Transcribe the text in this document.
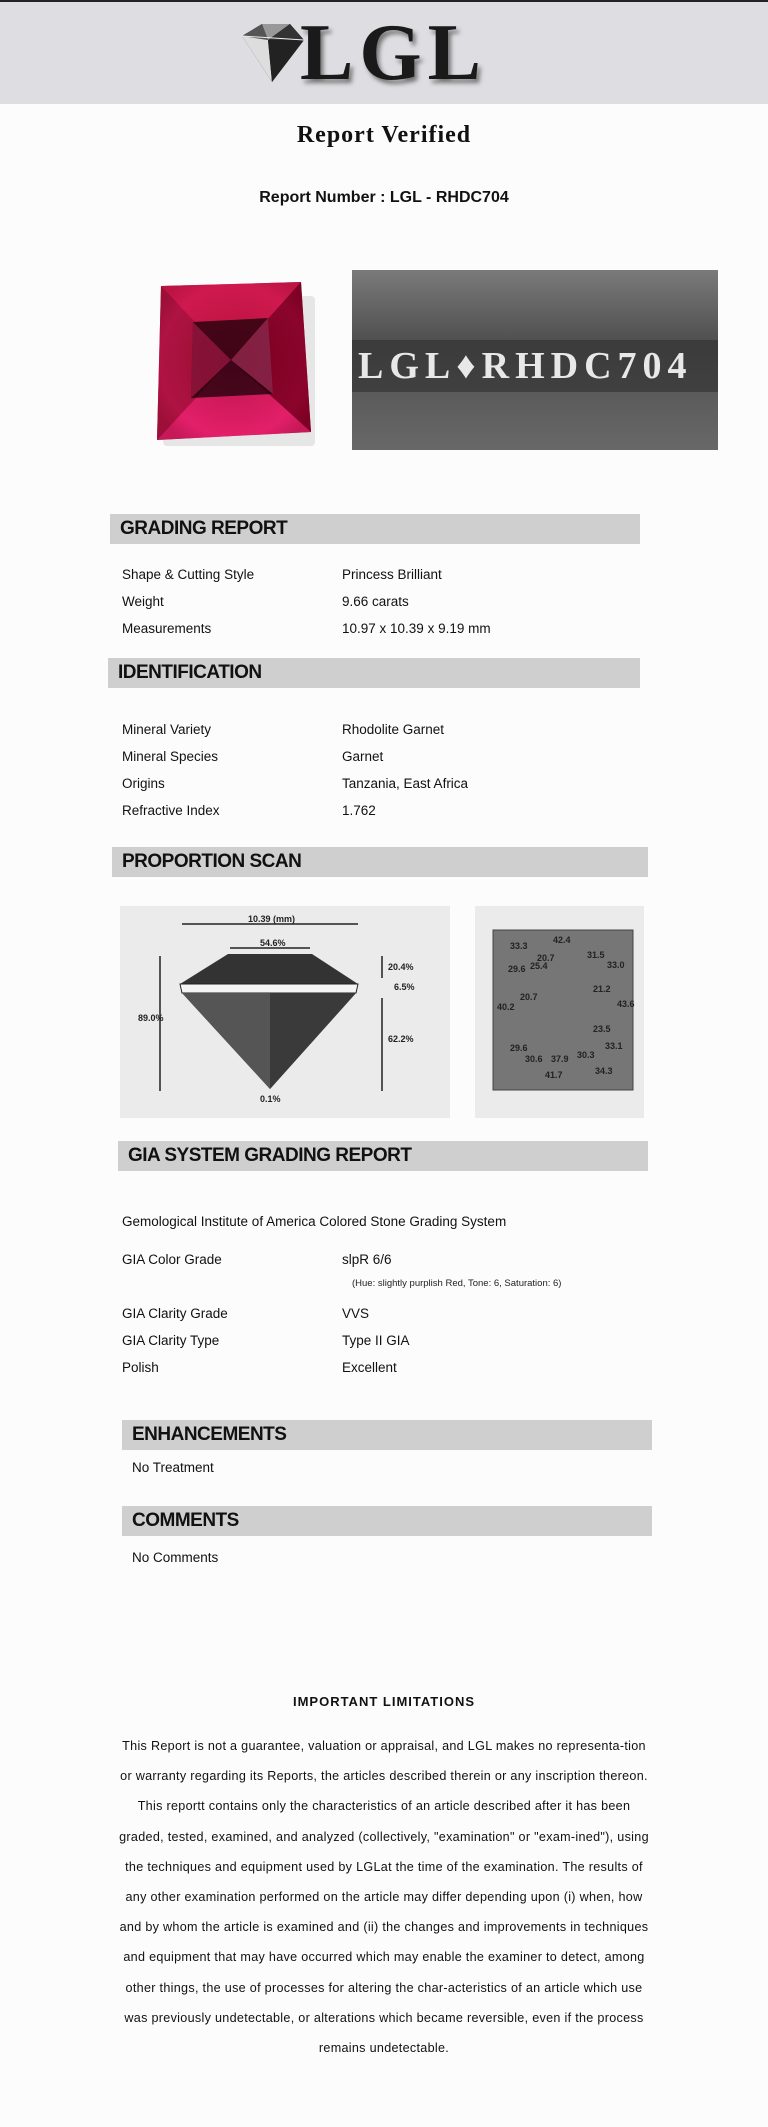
LGL
Report Verified
Report Number : LGL - RHDC704
LGL♦RHDC704
GRADING REPORT
Shape & Cutting Style	Princess Brilliant
Weight	9.66 carats
Measurements	10.97 x 10.39 x 9.19 mm
IDENTIFICATION
Mineral Variety	Rhodolite Garnet
Mineral Species	Garnet
Origins	Tanzania, East Africa
Refractive Index	1.762
PROPORTION SCAN
10.39 (mm)
54.6%
89.0%
20.4%
6.5%
62.2%
0.1%
33.3
42.4
29.6
20.7
25.4
31.5
33.0
20.7
21.2
40.2	43.6
23.5
29.6	33.1
30.6 37.9 30.3
41.7	34.3
GIA SYSTEM GRADING REPORT
Gemological Institute of America Colored Stone Grading System
GIA Color Grade	slpR 6/6
(Hue: slightly purplish Red, Tone: 6, Saturation: 6)
GIA Clarity Grade	VVS
GIA Clarity Type	Type II GIA
Polish	Excellent
ENHANCEMENTS
No Treatment
COMMENTS
No Comments
IMPORTANT LIMITATIONS
This Report is not a guarantee, valuation or appraisal, and LGL makes no representa-tion or warranty regarding its Reports, the articles described therein or any inscription thereon. This reportt contains only the characteristics of an article described after it has been graded, tested, examined, and analyzed (collectively, "examination" or "exam-ined"), using the techniques and equipment used by LGLat the time of the examination. The results of any other examination performed on the article may differ depending upon (i) when, how and by whom the article is examined and (ii) the changes and improvements in techniques and equipment that may have occurred which may enable the examiner to detect, among other things, the use of processes for altering the char-acteristics of an article which use was previously undetectable, or alterations which became reversible, even if the process remains undetectable.
